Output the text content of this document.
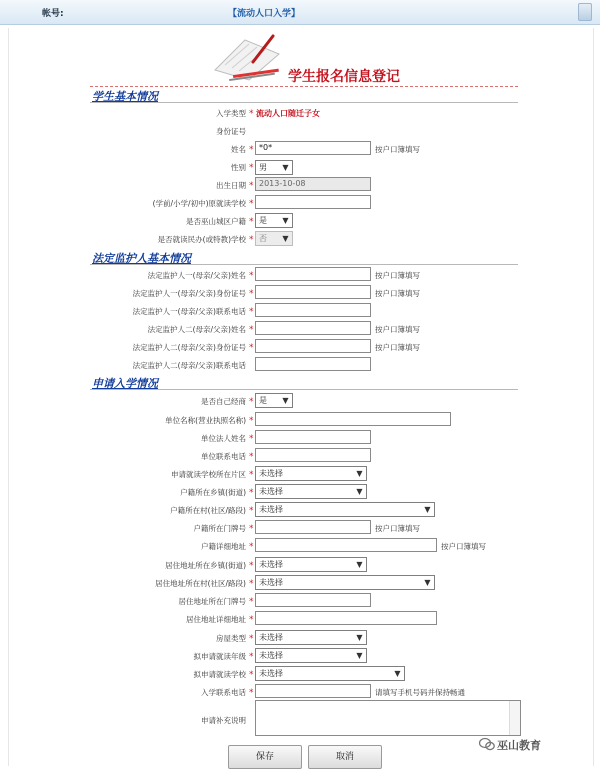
帐号:	【流动人口入学】
学生报名信息登记
学生基本情况
入学类型 * 流动人口随迁子女
身份证号
姓名 * *0*	按户口簿填写
性别 * 男 ▼
出生日期 * 2013-10-08
(学前/小学/初中)原就读学校 *
是否巫山城区户籍 * 是 ▼
是否就读民办(或特教)学校 * 否 ▼
法定监护人基本情况
法定监护人一(母亲/父亲)姓名 *	按户口簿填写
法定监护人一(母亲/父亲)身份证号 *	按户口簿填写
法定监护人一(母亲/父亲)联系电话 *
法定监护人二(母亲/父亲)姓名 *	按户口簿填写
法定监护人二(母亲/父亲)身份证号 *	按户口簿填写
法定监护人二(母亲/父亲)联系电话
申请入学情况
是否自己经商 * 是 ▼
单位名称(营业执照名称) *
单位法人姓名 *
单位联系电话 *
申请就读学校所在片区 * 未选择	▼
户籍所在乡镇(街道) * 未选择	▼
户籍所在村(社区/路段) * 未选择	▼
户籍所在门牌号 *	按户口簿填写
户籍详细地址 *	按户口簿填写
居住地址所在乡镇(街道) * 未选择	▼
居住地址所在村(社区/路段) * 未选择	▼
居住地址所在门牌号 *
居住地址详细地址 *
房屋类型 * 未选择	▼
拟申请就读年级 * 未选择	▼
拟申请就读学校 * 未选择	▼
入学联系电话 *	请填写手机号码并保持畅通
申请补充说明
保存	取消
巫山教育
